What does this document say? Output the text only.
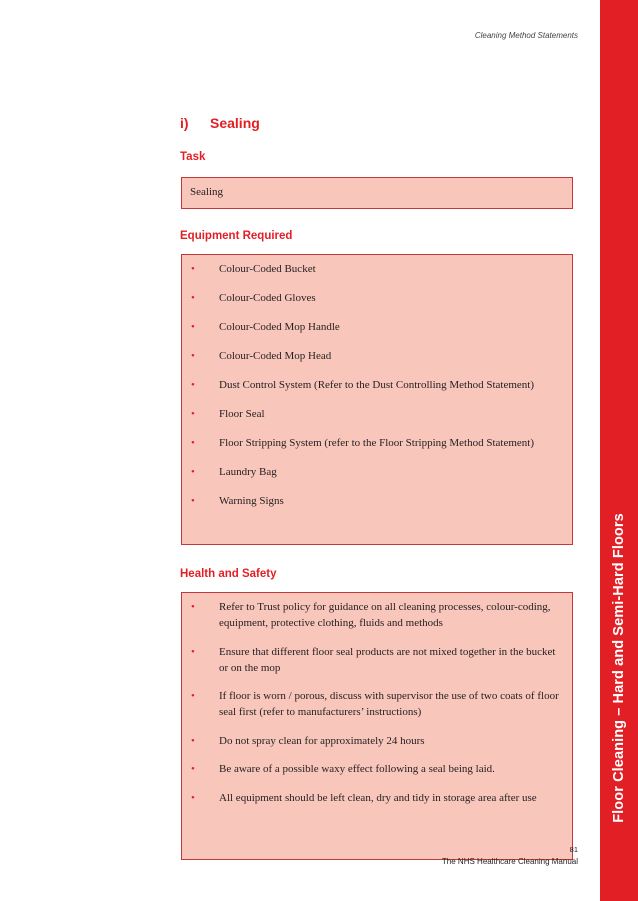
Cleaning Method Statements
Floor Cleaning – Hard and Semi-Hard Floors
i) Sealing
Task
Sealing
Equipment Required
• Colour-Coded Bucket
• Colour-Coded Gloves
• Colour-Coded Mop Handle
• Colour-Coded Mop Head
• Dust Control System (Refer to the Dust Controlling Method Statement)
• Floor Seal
• Floor Stripping System (refer to the Floor Stripping Method Statement)
• Laundry Bag
• Warning Signs
Health and Safety
• Refer to Trust policy for guidance on all cleaning processes, colour-coding, equipment, protective clothing, fluids and methods
• Ensure that different floor seal products are not mixed together in the bucket or on the mop
• If floor is worn / porous, discuss with supervisor the use of two coats of floor seal first (refer to manufacturers’ instructions)
• Do not spray clean for approximately 24 hours
• Be aware of a possible waxy effect following a seal being laid.
• All equipment should be left clean, dry and tidy in storage area after use
81
The NHS Healthcare Cleaning Manual
